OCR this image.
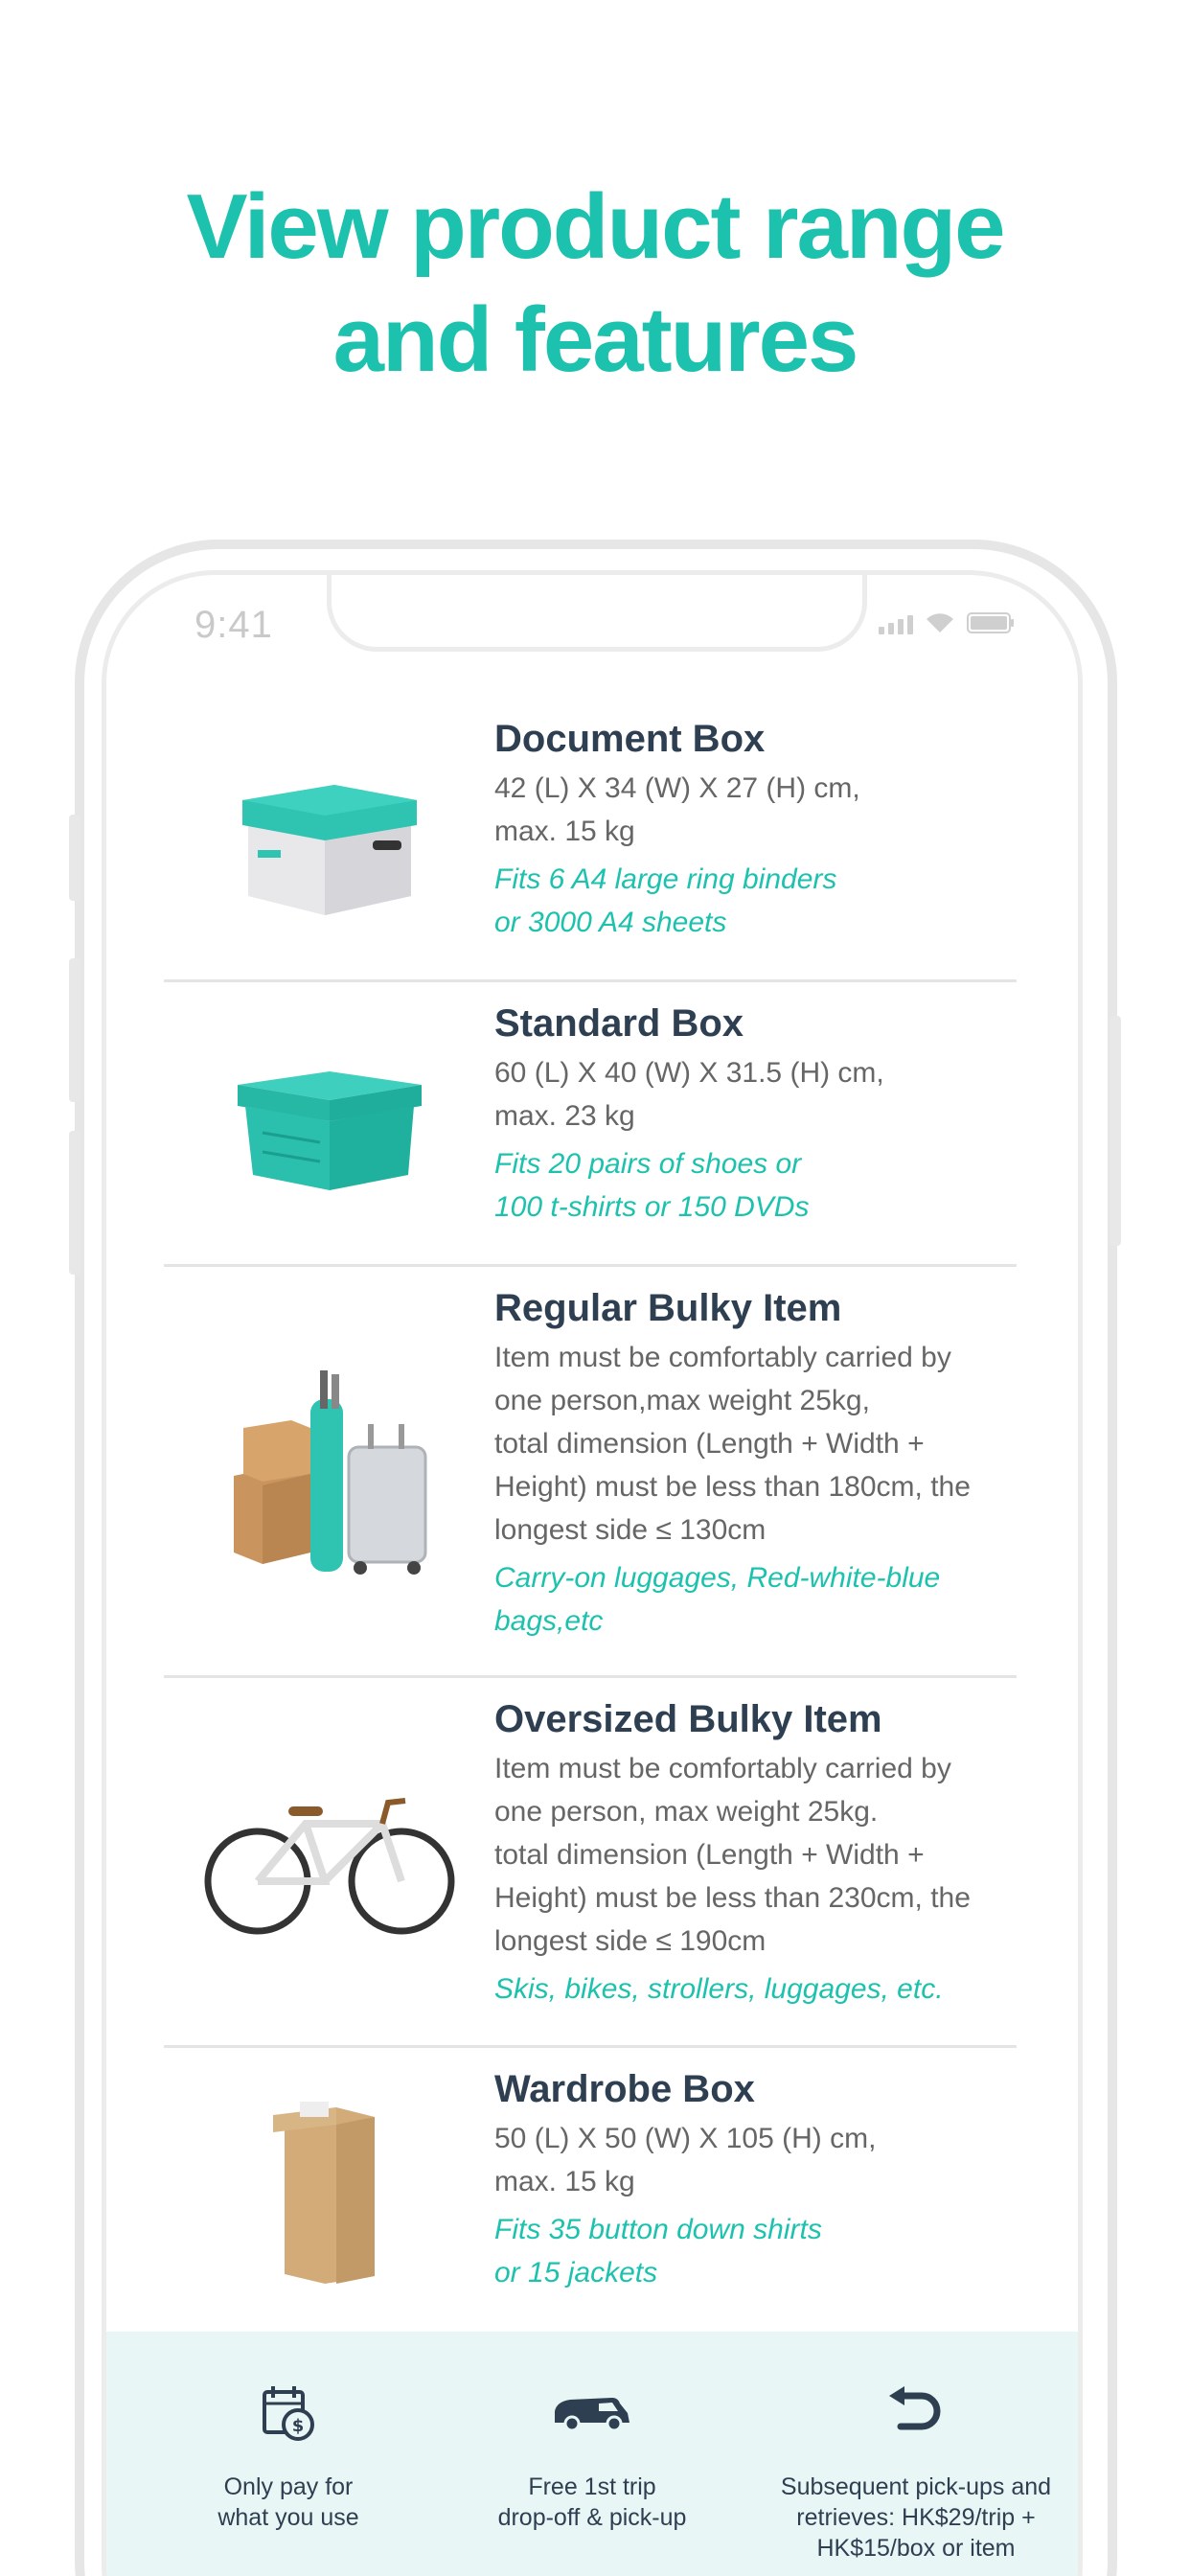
View product range
and features
9:41
Document Box
42 (L) X 34 (W) X 27 (H) cm,
max. 15 kg
Fits 6 A4 large ring binders
or 3000 A4 sheets
Standard Box
60 (L) X 40 (W) X 31.5 (H) cm,
max. 23 kg
Fits 20 pairs of shoes or
100 t-shirts or 150 DVDs
Regular Bulky Item
Item must be comfortably carried by
one person,max weight 25kg,
total dimension (Length + Width +
Height) must be less than 180cm, the
longest side ≤ 130cm
Carry-on luggages, Red-white-blue
bags,etc
Oversized Bulky Item
Item must be comfortably carried by
one person, max weight 25kg.
total dimension (Length + Width +
Height) must be less than 230cm, the
longest side ≤ 190cm
Skis, bikes, strollers, luggages, etc.
Wardrobe Box
50 (L) X 50 (W) X 105 (H) cm,
max. 15 kg
Fits 35 button down shirts
or 15 jackets
$
Only pay for
what you use
Free 1st trip
drop-off & pick-up
Subsequent pick-ups and
retrieves: HK$29/trip +
HK$15/box or item
